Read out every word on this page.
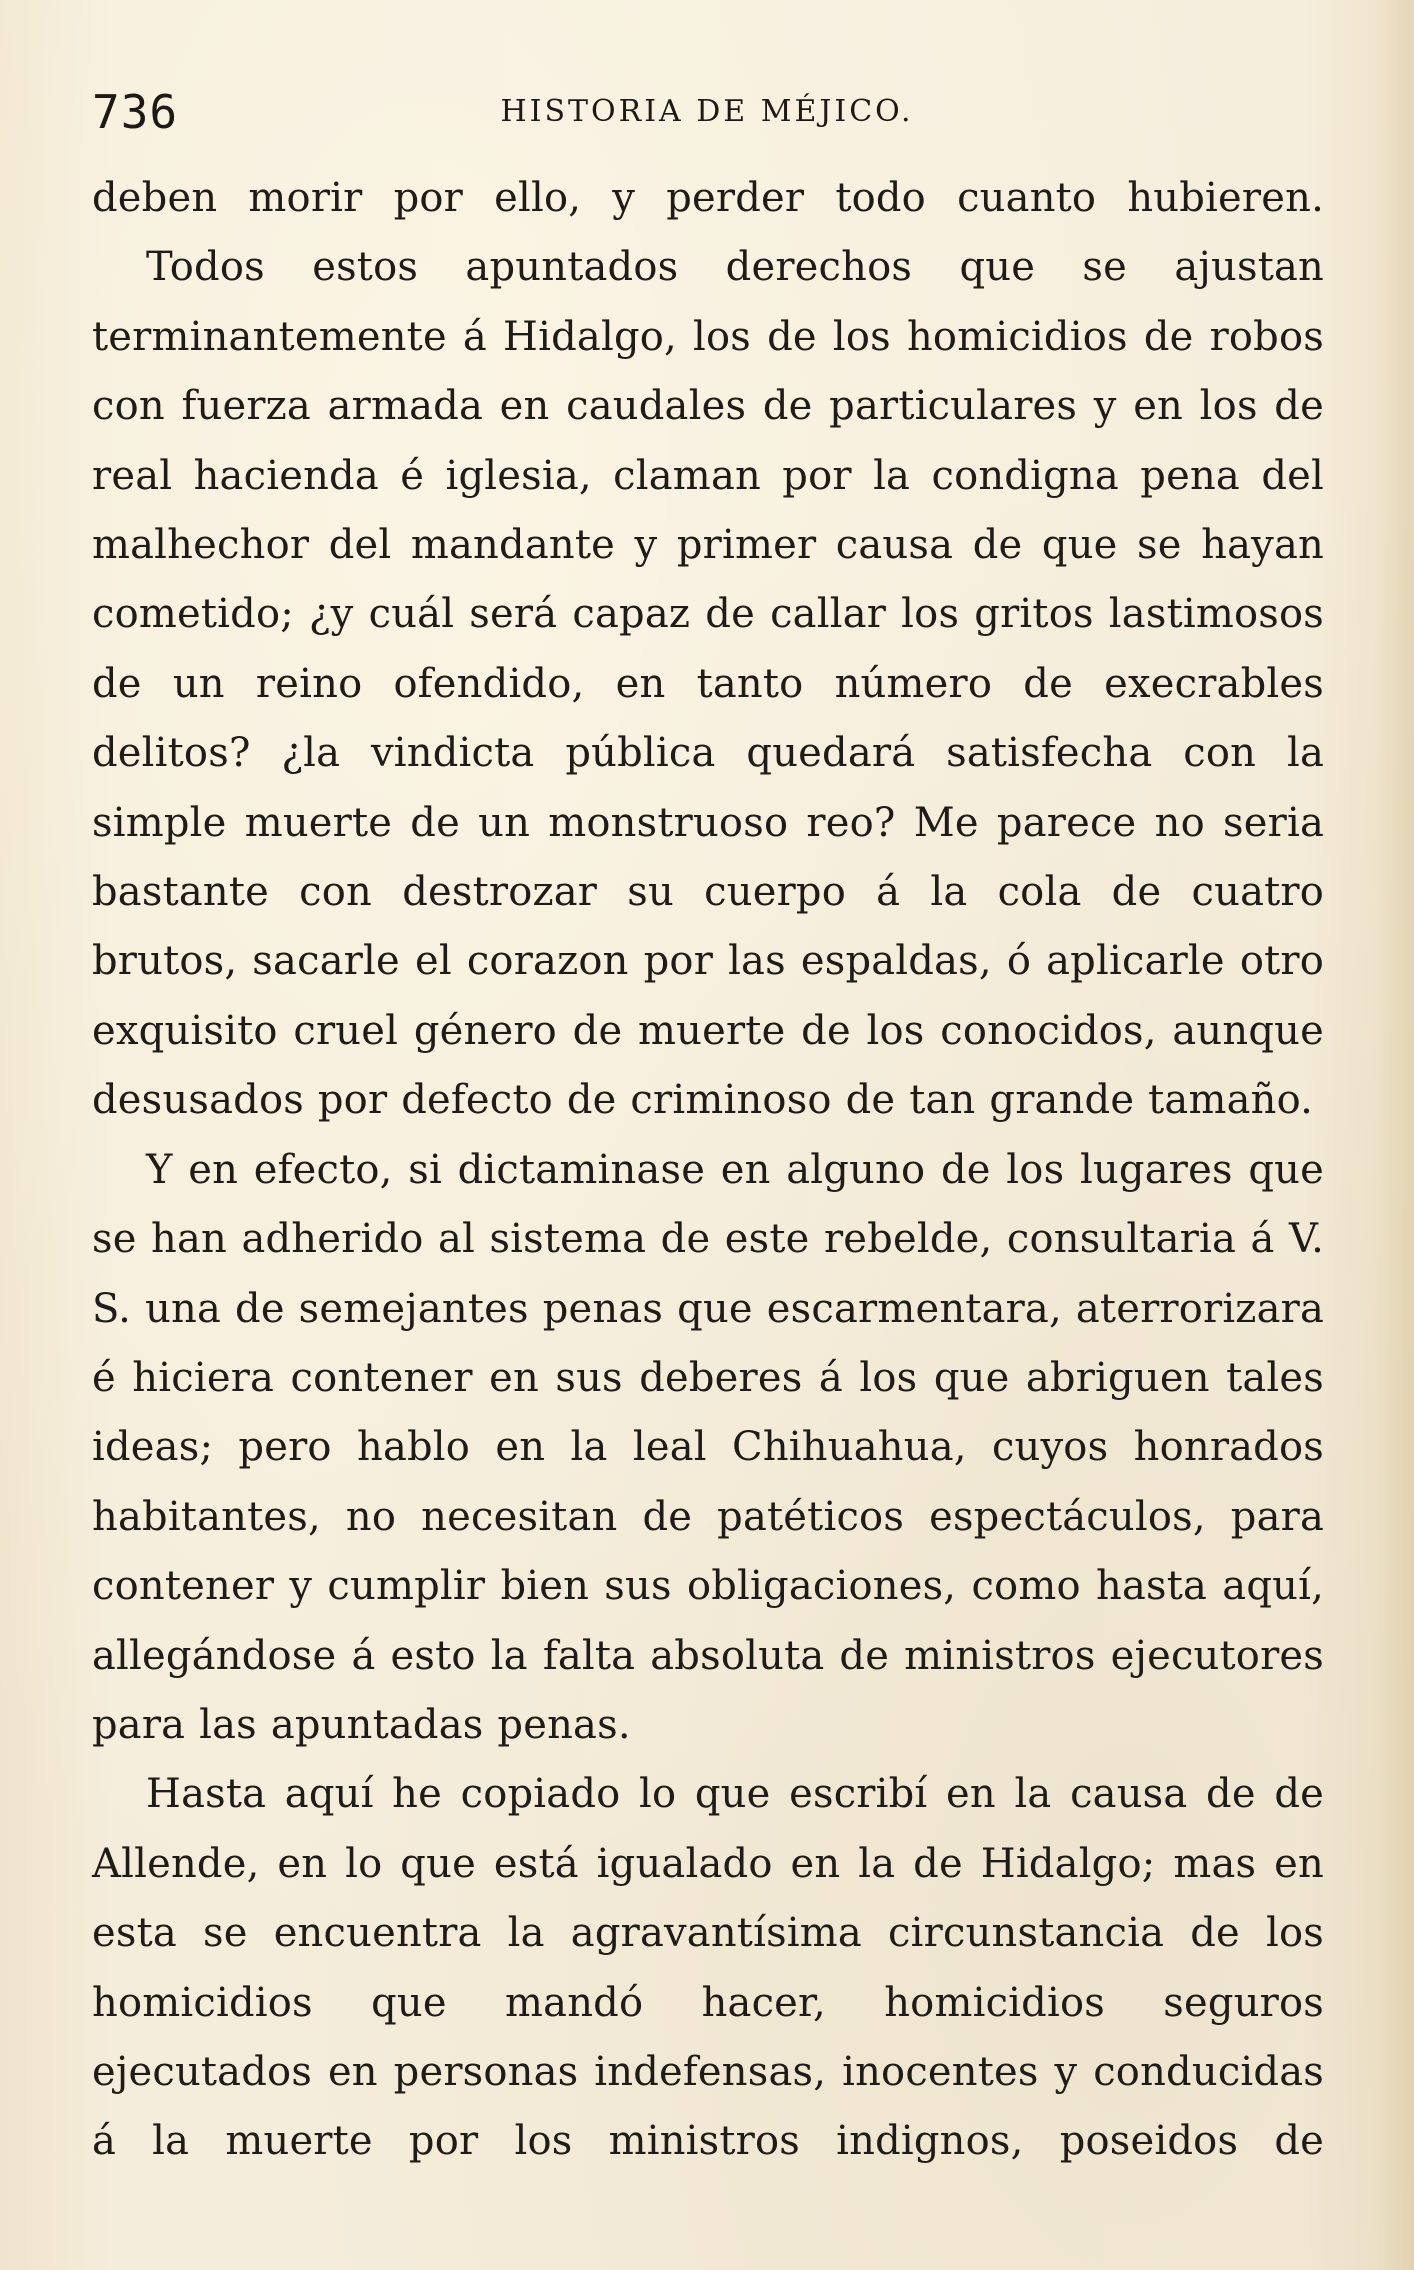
736	HISTORIA DE MÉJICO.

deben morir por ello, y perder todo cuanto hubieren.

Todos estos apuntados derechos que se ajustan terminantemente á Hidalgo, los de los homicidios de robos con fuerza armada en caudales de particulares y en los de real hacienda é iglesia, claman por la condigna pena del malhechor del mandante y primer causa de que se hayan cometido; ¿y cuál será capaz de callar los gritos lastimosos de un reino ofendido, en tanto número de execrables delitos? ¿la vindicta pública quedará satisfecha con la simple muerte de un monstruoso reo? Me parece no seria bastante con destrozar su cuerpo á la cola de cuatro brutos, sacarle el corazon por las espaldas, ó aplicarle otro exquisito cruel género de muerte de los conocidos, aunque desusados por defecto de criminoso de tan grande tamaño.

Y en efecto, si dictaminase en alguno de los lugares que se han adherido al sistema de este rebelde, consultaria á V. S. una de semejantes penas que escarmentara, aterrorizara é hiciera contener en sus deberes á los que abriguen tales ideas; pero hablo en la leal Chihuahua, cuyos honrados habitantes, no necesitan de patéticos espectáculos, para contener y cumplir bien sus obligaciones, como hasta aquí, allegándose á esto la falta absoluta de ministros ejecutores para las apuntadas penas.

Hasta aquí he copiado lo que escribí en la causa de de Allende, en lo que está igualado en la de Hidalgo; mas en esta se encuentra la agravantísima circunstancia de los homicidios que mandó hacer, homicidios seguros ejecutados en personas indefensas, inocentes y conducidas á la muerte por los ministros indignos, poseidos de
